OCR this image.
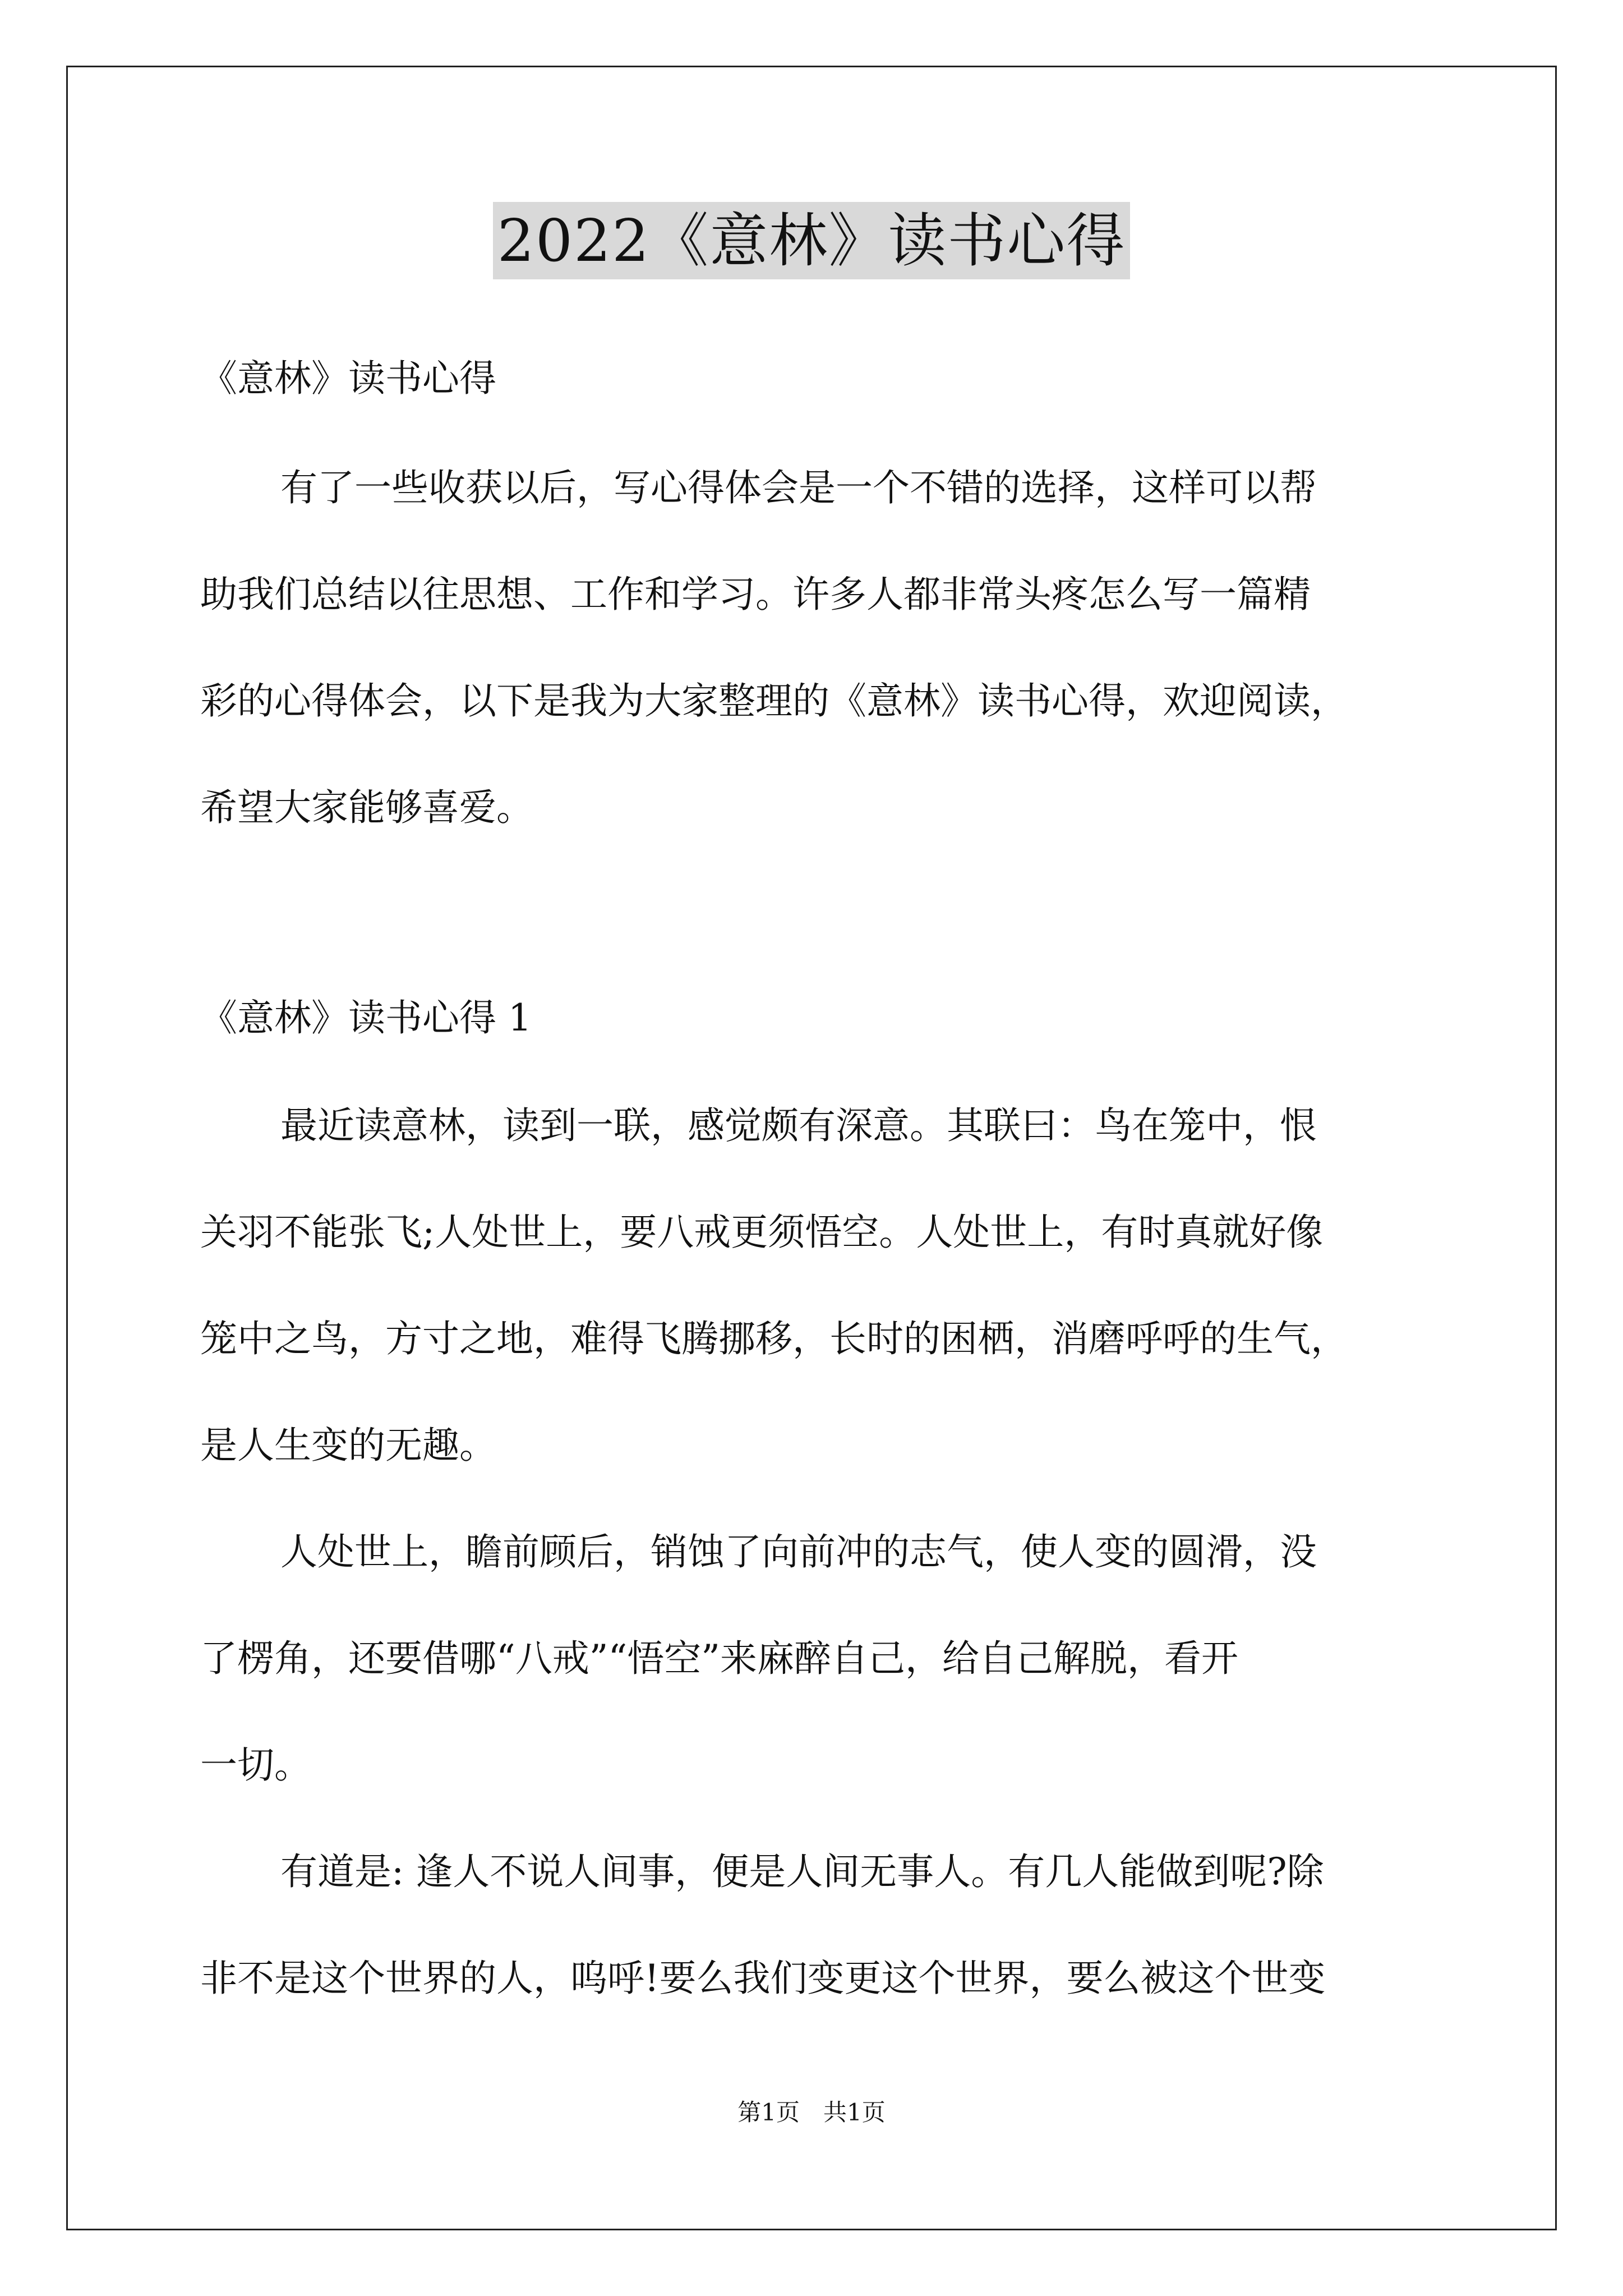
2022《意林》读书心得
《意林》读书心得
有了一些收获以后，写心得体会是一个不错的选择，这样可以帮
助我们总结以往思想、工作和学习。许多人都非常头疼怎么写一篇精
彩的心得体会，以下是我为大家整理的《意林》读书心得，欢迎阅读，
希望大家能够喜爱。
《意林》读书心得 1
最近读意林，读到一联，感觉颇有深意。其联曰：鸟在笼中，恨
关羽不能张飞;人处世上，要八戒更须悟空。人处世上，有时真就好像
笼中之鸟，方寸之地，难得飞腾挪移，长时的困栖，消磨呼呼的生气，
是人生变的无趣。
人处世上，瞻前顾后，销蚀了向前冲的志气，使人变的圆滑，没
了楞角，还要借哪“八戒”“悟空”来麻醉自己，给自己解脱，看开
一切。
有道是: 逢人不说人间事，便是人间无事人。有几人能做到呢?除
非不是这个世界的人，呜呼!要么我们变更这个世界，要么被这个世变
第1页　共1页
